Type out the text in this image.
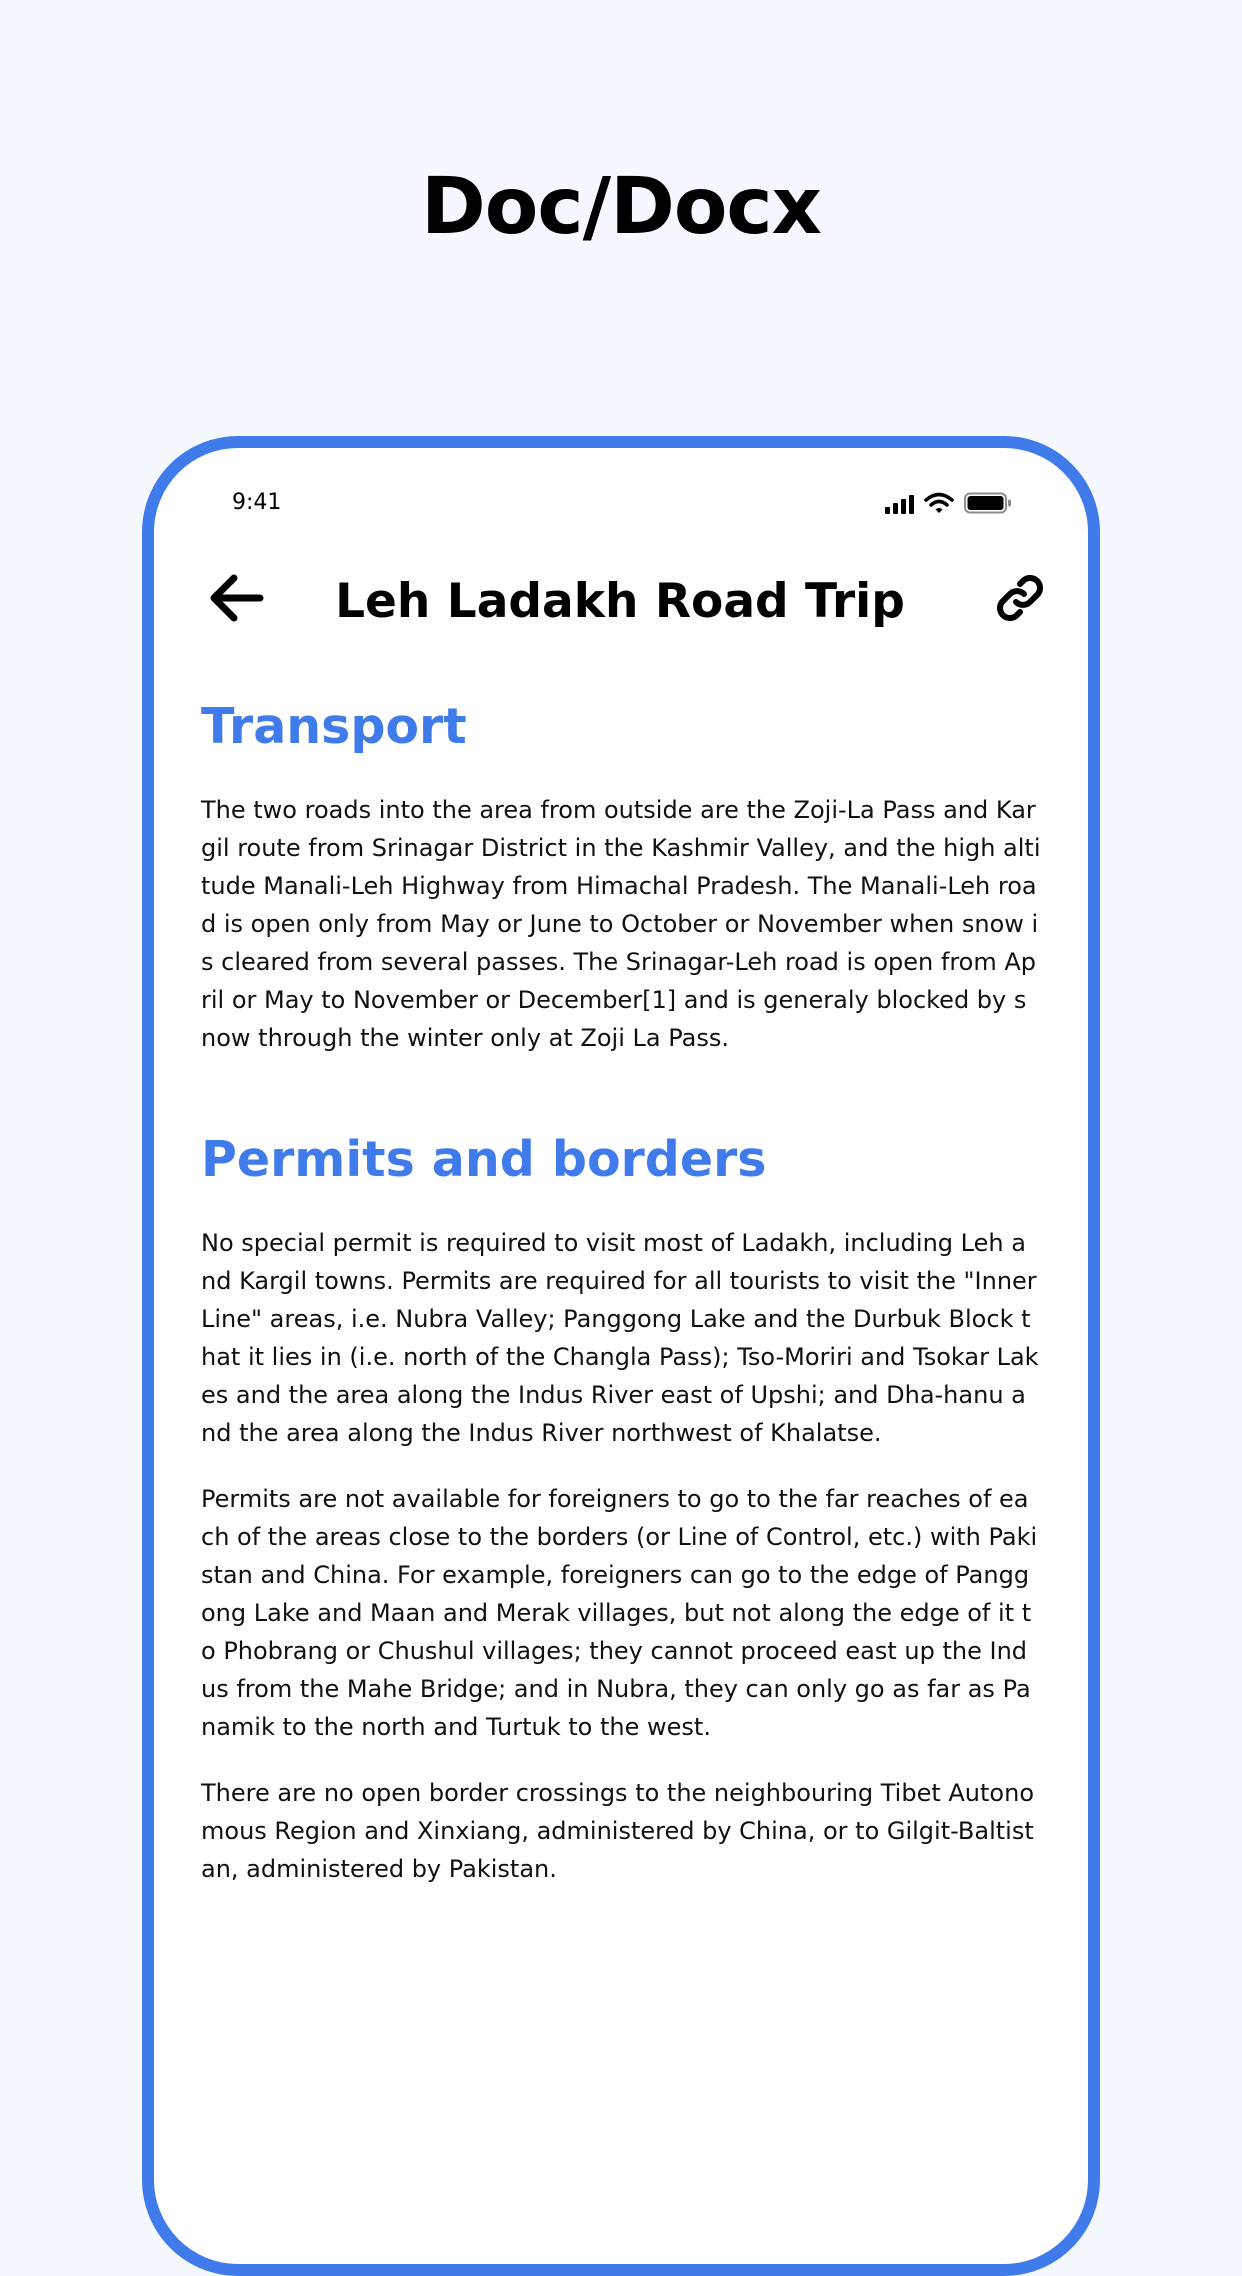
Doc/Docx
9:41
Leh Ladakh Road Trip
Transport

The two roads into the area from outside are the Zoji-La Pass and Kargil route from Srinagar District in the Kashmir Valley, and the high altitude Manali-Leh Highway from Himachal Pradesh. The Manali-Leh road is open only from May or June to October or November when snow is cleared from several passes. The Srinagar-Leh road is open from April or May to November or December[1] and is generaly blocked by snow through the winter only at Zoji La Pass.

Permits and borders

No special permit is required to visit most of Ladakh, including Leh and Kargil towns. Permits are required for all tourists to visit the "Inner Line" areas, i.e. Nubra Valley; Panggong Lake and the Durbuk Block that it lies in (i.e. north of the Changla Pass); Tso-Moriri and Tsokar Lakes and the area along the Indus River east of Upshi; and Dha-hanu and the area along the Indus River northwest of Khalatse.

Permits are not available for foreigners to go to the far reaches of each of the areas close to the borders (or Line of Control, etc.) with Pakistan and China. For example, foreigners can go to the edge of Panggong Lake and Maan and Merak villages, but not along the edge of it to Phobrang or Chushul villages; they cannot proceed east up the Indus from the Mahe Bridge; and in Nubra, they can only go as far as Panamik to the north and Turtuk to the west.

There are no open border crossings to the neighbouring Tibet Autonomous Region and Xinxiang, administered by China, or to Gilgit-Baltistan, administered by Pakistan.
